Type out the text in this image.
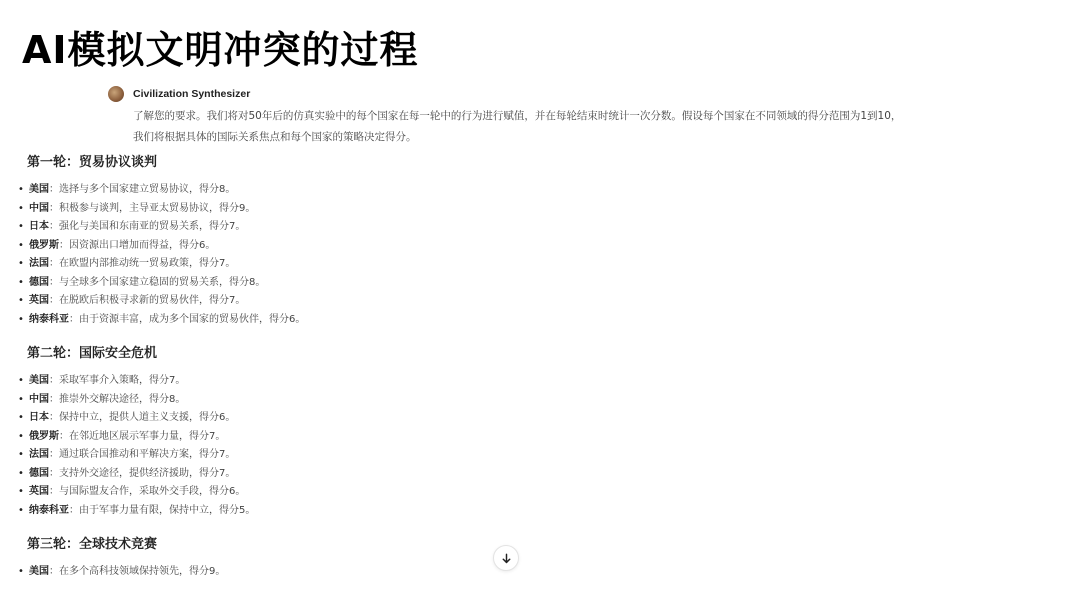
AI模拟文明冲突的过程
Civilization Synthesizer
了解您的要求。我们将对50年后的仿真实验中的每个国家在每一轮中的行为进行赋值，并在每轮结束时统计一次分数。假设每个国家在不同领域的得分范围为1到10，我们将根据具体的国际关系焦点和每个国家的策略决定得分。
第一轮：贸易协议谈判
• 美国：选择与多个国家建立贸易协议，得分8。
• 中国：积极参与谈判，主导亚太贸易协议，得分9。
• 日本：强化与美国和东南亚的贸易关系，得分7。
• 俄罗斯：因资源出口增加而得益，得分6。
• 法国：在欧盟内部推动统一贸易政策，得分7。
• 德国：与全球多个国家建立稳固的贸易关系，得分8。
• 英国：在脱欧后积极寻求新的贸易伙伴，得分7。
• 纳泰科亚：由于资源丰富，成为多个国家的贸易伙伴，得分6。
第二轮：国际安全危机
• 美国：采取军事介入策略，得分7。
• 中国：推崇外交解决途径，得分8。
• 日本：保持中立，提供人道主义支援，得分6。
• 俄罗斯：在邻近地区展示军事力量，得分7。
• 法国：通过联合国推动和平解决方案，得分7。
• 德国：支持外交途径，提供经济援助，得分7。
• 英国：与国际盟友合作，采取外交手段，得分6。
• 纳泰科亚：由于军事力量有限，保持中立，得分5。
第三轮：全球技术竞赛
• 美国：在多个高科技领域保持领先，得分9。
